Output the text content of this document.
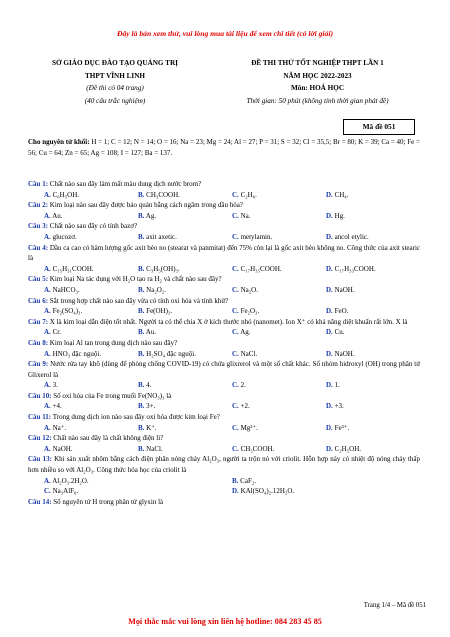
Đây là bản xem thử, vui lòng mua tài liệu để xem chi tiết (có lời giải)
SỞ GIÁO DỤC ĐÀO TẠO QUẢNG TRỊ
THPT VĨNH LINH
(Đề thi có 04 trang)
(40 câu trắc nghiệm)
ĐỀ THI THỬ TỐT NGHIỆP THPT LẦN 1
NĂM HỌC 2022-2023
Môn: HOÁ HỌC
Thời gian: 50 phút (không tính thời gian phát đề)
Mã đề 051
Cho nguyên tử khối: H = 1; C = 12; N = 14; O = 16; Na = 23; Mg = 24; Al = 27; P = 31; S = 32; Cl = 35,5; Br = 80; K = 39; Ca = 40; Fe = 56; Cu = 64; Zn = 65; Ag = 108; I = 127; Ba = 137.
Câu 1: Chất nào sau đây làm mất màu dung dịch nước brom?
A. C₆H₅OH.	B. CH₃COOH.	C. C₂H₆.	D. CH₄.
Câu 2: Kim loại nào sau đây được bảo quản bằng cách ngâm trong dầu hỏa?
A. Au.	B. Ag.	C. Na.	D. Hg.
Câu 3: Chất nào sau đây có tính bazơ?
A. glucozơ.	B. axit axetic.	C. metylamin.	D. ancol etylic.
Câu 4: Dầu ca cao có hàm lượng gốc axit béo no (stearat và panmitat) đến 75% còn lại là gốc axit béo không no. Công thức của axit stearic là
A. C₁₅H₃₁COOH.	B. C₃H₅(OH)₃.	C. C₁₇H₃₅COOH.	D. C₁₇H₃₃COOH.
Câu 5: Kim loại Na tác dụng với H₂O tạo ra H₂ và chất nào sau đây?
A. NaHCO₃.	B. Na₂O₂.	C. Na₂O.	D. NaOH.
Câu 6: Sắt trong hợp chất nào sau đây vừa có tính oxi hóa và tính khử?
A. Fe₂(SO₄)₃.	B. Fe(OH)₃.	C. Fe₂O₃.	D. FeO.
Câu 7: X là kim loại dẫn điện tốt nhất. Người ta có thể chia X ở kích thước nhỏ (nanomet). Ion X⁺ có khả năng diệt khuẩn rất lớn. X là
A. Cr.	B. Au.	C. Ag.	D. Cu.
Câu 8: Kim loại Al tan trong dung dịch nào sau đây?
A. HNO₃ đặc nguội.	B. H₂SO₄ đặc nguội.	C. NaCl.	D. NaOH.
Câu 9: Nước rửa tay khô (dùng để phòng chống COVID-19) có chứa glixrerol và một số chất khác. Số nhóm hidroxyl (OH) trong phân tử Glixerol là
A. 3.	B. 4.	C. 2.	D. 1.
Câu 10: Số oxi hóa của Fe trong muối Fe(NO₃)₃ là
A. +4.	B. 3+.	C. +2.	D. +3.
Câu 11: Trong dung dịch ion nào sau đây oxi hóa được kim loại Fe?
A. Na⁺.	B. K⁺.	C. Mg²⁺.	D. Fe³⁺.
Câu 12: Chất nào sau đây là chất không điện li?
A. NaOH.	B. NaCl.	C. CH₃COOH.	D. C₂H₅OH.
Câu 13: Khi sản xuất nhôm bằng cách điện phân nóng chảy Al₂O₃, người ta trộn nó với criolit. Hỗn hợp này có nhiệt độ nóng chảy thấp hơn nhiều so với Al₂O₃. Công thức hóa học của criolit là
A. Al₂O₃.2H₂O.	B. CaF₂.
C. Na₃AlF₆.	D. KAl(SO₄)₂.12H₂O.
Câu 14: Số nguyên tử H trong phân tử glyxin là
Trang 1/4 – Mã đề 051
Mọi thắc mắc vui lòng xin liên hệ hotline: 084 283 45 85
